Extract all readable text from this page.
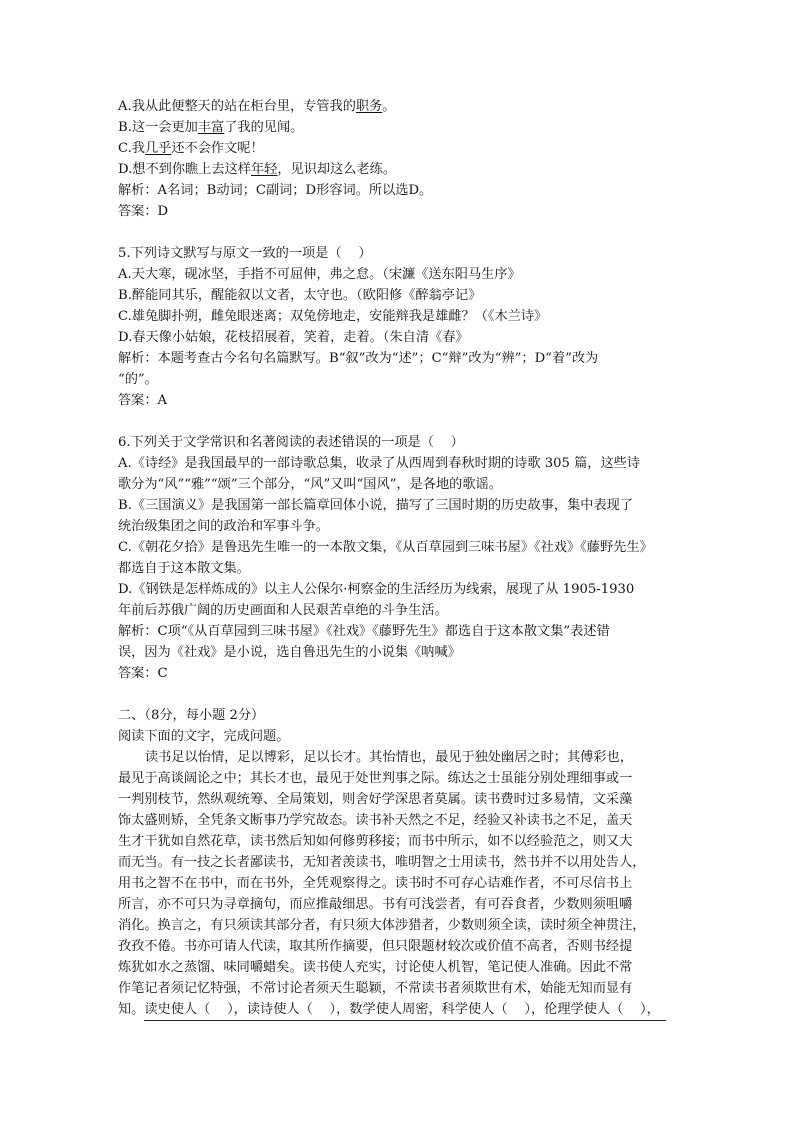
A.我从此便整天的站在柜台里，专管我的职务。
B.这一会更加丰富了我的见闻。
C.我几乎还不会作文呢！
D.想不到你瞧上去这样年轻，见识却这么老练。
解析：A名词；B动词；C副词；D形容词。所以选D。
答案：D
5.下列诗文默写与原文一致的一项是（    ）
A.天大寒，砚冰坚，手指不可屈伸，弗之怠。（宋濂《送东阳马生序》
B.醉能同其乐，醒能叙以文者，太守也。（欧阳修《醉翁亭记》
C.雄兔脚扑朔，雌兔眼迷离；双兔傍地走，安能辩我是雄雌？（《木兰诗》
D.春天像小姑娘，花枝招展着，笑着，走着。（朱自清《春》
解析：本题考查古今名句名篇默写。B“叙”改为“述”；C“辩”改为“辨”；D“着”改为
“的”。
答案：A
6.下列关于文学常识和名著阅读的表述错误的一项是（    ）
A.《诗经》是我国最早的一部诗歌总集，收录了从西周到春秋时期的诗歌 305 篇，这些诗
歌分为“风”“雅”“颂”三个部分，“风”又叫“国风”，是各地的歌谣。
B.《三国演义》是我国第一部长篇章回体小说，描写了三国时期的历史故事，集中表现了
统治级集团之间的政治和军事斗争。
C.《朝花夕拾》是鲁迅先生唯一的一本散文集，《从百草园到三味书屋》《社戏》《藤野先生》
都选自于这本散文集。
D.《钢铁是怎样炼成的》以主人公保尔·柯察金的生活经历为线索，展现了从 1905-1930
年前后苏俄广阔的历史画面和人民艰苦卓绝的斗争生活。
解析：C项“《从百草园到三味书屋》《社戏》《藤野先生》都选自于这本散文集”表述错
误，因为《社戏》是小说，选自鲁迅先生的小说集《呐喊》
答案：C
二、（8分，每小题 2分）
阅读下面的文字，完成问题。
读书足以怡情，足以博彩，足以长才。其怡情也，最见于独处幽居之时；其傅彩也，
最见于高谈阔论之中；其长才也，最见于处世判事之际。练达之士虽能分别处理细事或一
一判别枝节，然纵观统筹、全局策划，则舍好学深思者莫属。读书费时过多易情，文采藻
饰太盛则矫，全凭条文断事乃学究故态。读书补天然之不足，经验又补读书之不足，盖天
生才干犹如自然花草，读书然后知如何修剪移接；而书中所示，如不以经验范之，则又大
而无当。有一技之长者鄙读书，无知者羡读书，唯明智之士用读书，然书并不以用处告人，
用书之智不在书中，而在书外，全凭观察得之。读书时不可存心诘难作者，不可尽信书上
所言，亦不可只为寻章摘句，而应推敲细思。书有可浅尝者，有可吞食者，少数则须咀嚼
消化。换言之，有只须读其部分者，有只须大体涉猎者，少数则须全读，读时须全神贯注，
孜孜不倦。书亦可请人代读，取其所作摘要，但只限题材较次或价值不高者，否则书经提
炼犹如水之蒸馏、味同嚼蜡矣。读书使人充实，讨论使人机智，笔记使人准确。因此不常
作笔记者须记忆特强，不常讨论者须天生聪颖，不常读书者须欺世有术，始能无知而显有
知。读史使人（    ），读诗使人（    ），数学使人周密，科学使人（    ），伦理学使人（    ），
